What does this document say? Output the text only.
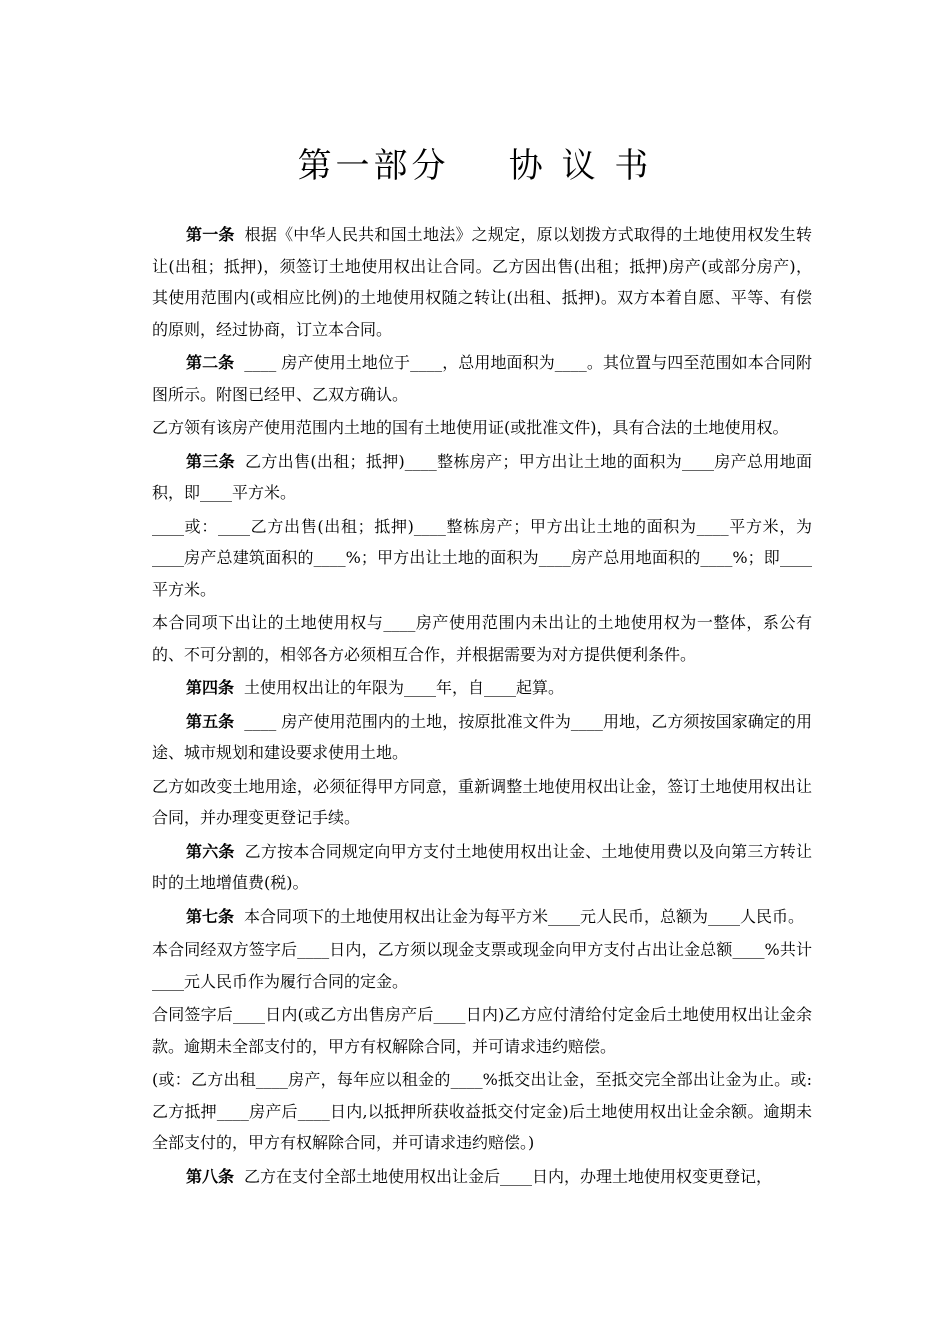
第一部分    协 议 书

第一条 根据《中华人民共和国土地法》之规定，原以划拨方式取得的土地使用权发生转让(出租；抵押)，须签订土地使用权出让合同。乙方因出售(出租；抵押)房产(或部分房产)，其使用范围内(或相应比例)的土地使用权随之转让(出租、抵押)。双方本着自愿、平等、有偿的原则，经过协商，订立本合同。

第二条 ____ 房产使用土地位于____，总用地面积为____。其位置与四至范围如本合同附图所示。附图已经甲、乙双方确认。

乙方领有该房产使用范围内土地的国有土地使用证(或批准文件)，具有合法的土地使用权。

第三条 乙方出售(出租；抵押)____整栋房产；甲方出让土地的面积为____房产总用地面积，即____平方米。

____或：____乙方出售(出租；抵押)____整栋房产；甲方出让土地的面积为____平方米，为____房产总建筑面积的____%；甲方出让土地的面积为____房产总用地面积的____%；即____平方米。

本合同项下出让的土地使用权与____房产使用范围内未出让的土地使用权为一整体，系公有的、不可分割的，相邻各方必须相互合作，并根据需要为对方提供便利条件。

第四条 土使用权出让的年限为____年，自____起算。

第五条 ____ 房产使用范围内的土地，按原批准文件为____用地，乙方须按国家确定的用途、城市规划和建设要求使用土地。

乙方如改变土地用途，必须征得甲方同意，重新调整土地使用权出让金，签订土地使用权出让合同，并办理变更登记手续。

第六条 乙方按本合同规定向甲方支付土地使用权出让金、土地使用费以及向第三方转让时的土地增值费(税)。

第七条 本合同项下的土地使用权出让金为每平方米____元人民币，总额为____人民币。

本合同经双方签字后____日内，乙方须以现金支票或现金向甲方支付占出让金总额____%共计____元人民币作为履行合同的定金。

合同签字后____日内(或乙方出售房产后____日内)乙方应付清给付定金后土地使用权出让金余款。逾期未全部支付的，甲方有权解除合同，并可请求违约赔偿。

(或：乙方出租____房产，每年应以租金的____%抵交出让金，至抵交完全部出让金为止。或:乙方抵押____房产后____日内,以抵押所获收益抵交付定金)后土地使用权出让金余额。逾期未全部支付的，甲方有权解除合同，并可请求违约赔偿。)

第八条 乙方在支付全部土地使用权出让金后____日内，办理土地使用权变更登记，
